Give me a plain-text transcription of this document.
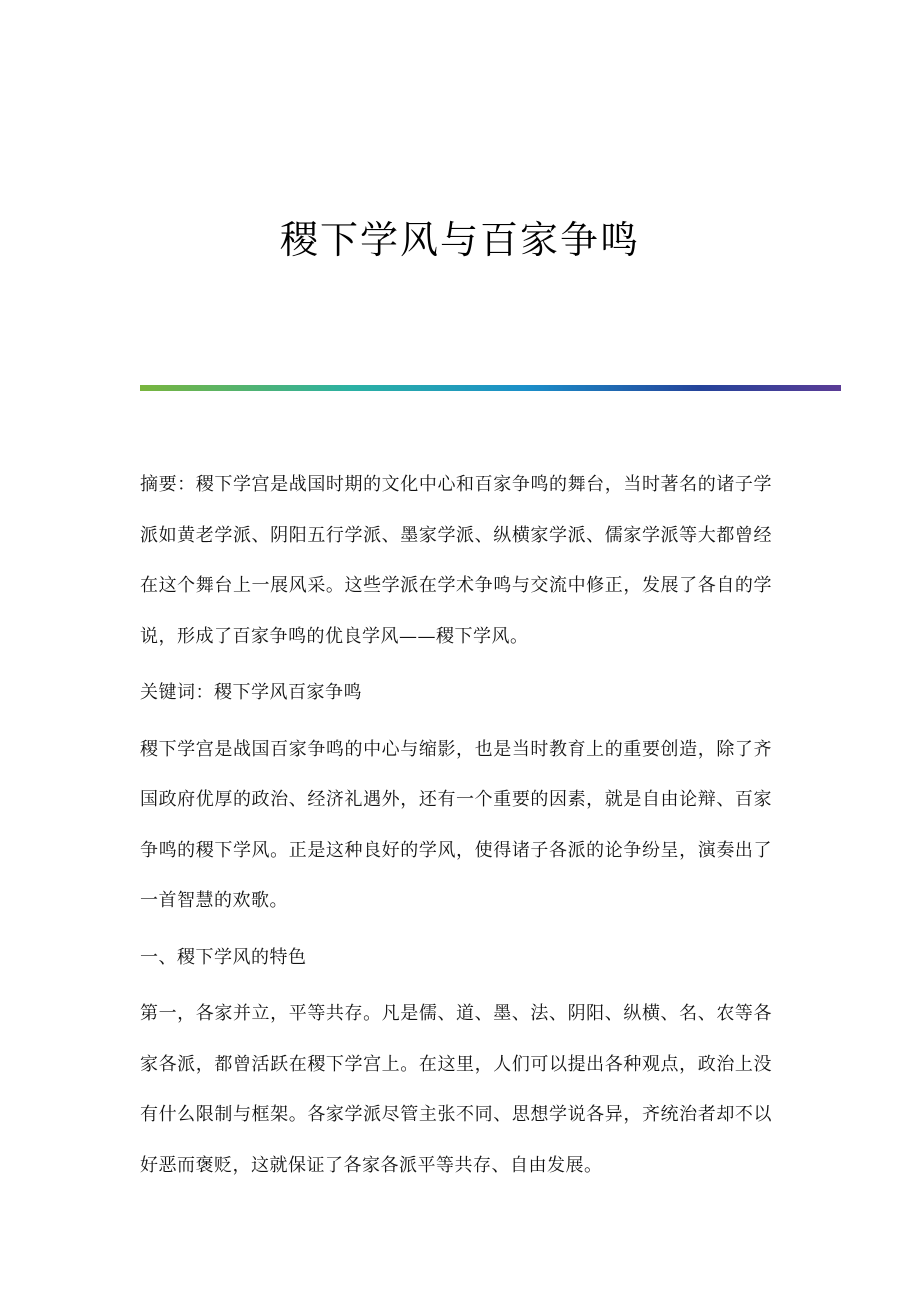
稷下学风与百家争鸣

摘要：稷下学宫是战国时期的文化中心和百家争鸣的舞台，当时著名的诸子学派如黄老学派、阴阳五行学派、墨家学派、纵横家学派、儒家学派等大都曾经在这个舞台上一展风采。这些学派在学术争鸣与交流中修正，发展了各自的学说，形成了百家争鸣的优良学风——稷下学风。

关键词：稷下学风百家争鸣

稷下学宫是战国百家争鸣的中心与缩影，也是当时教育上的重要创造，除了齐国政府优厚的政治、经济礼遇外，还有一个重要的因素，就是自由论辩、百家争鸣的稷下学风。正是这种良好的学风，使得诸子各派的论争纷呈，演奏出了一首智慧的欢歌。

一、稷下学风的特色

第一，各家并立，平等共存。凡是儒、道、墨、法、阴阳、纵横、名、农等各家各派，都曾活跃在稷下学宫上。在这里，人们可以提出各种观点，政治上没有什么限制与框架。各家学派尽管主张不同、思想学说各异，齐统治者却不以好恶而褒贬，这就保证了各家各派平等共存、自由发展。
